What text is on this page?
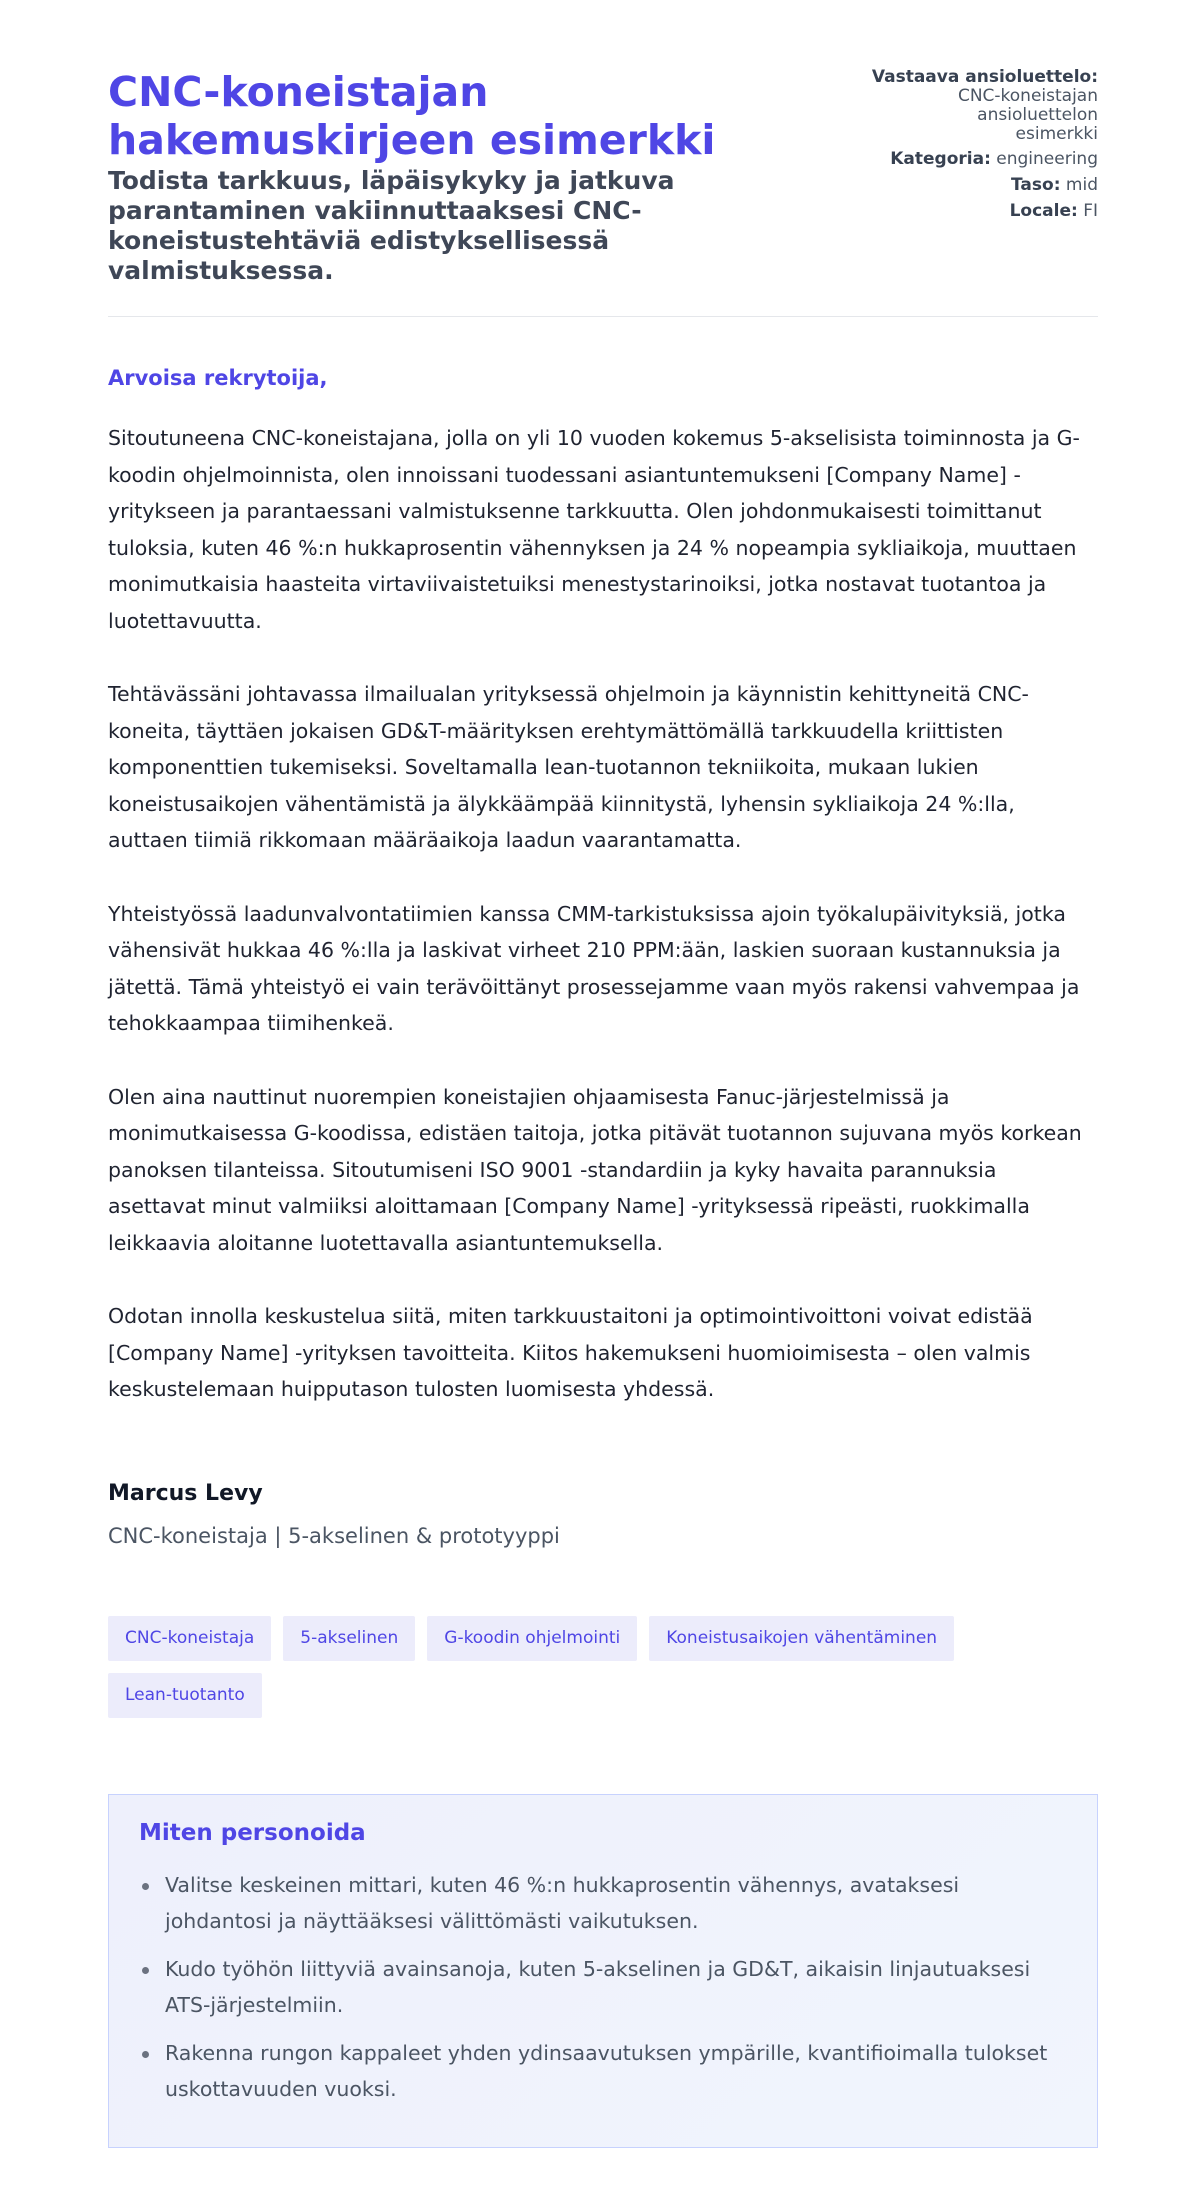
CNC-koneistajan hakemuskirjeen esimerkki
Todista tarkkuus, läpäisykyky ja jatkuva parantaminen vakiinnuttaaksesi CNC-koneistustehtäviä edistyksellisessä valmistuksessa.
Vastaava ansioluettelo:
CNC-koneistajan ansioluettelon esimerkki
Kategoria: engineering
Taso: mid
Locale: FI
Arvoisa rekrytoija,

Sitoutuneena CNC-koneistajana, jolla on yli 10 vuoden kokemus 5-akselisista toiminnosta ja G-koodin ohjelmoinnista, olen innoissani tuodessani asiantuntemukseni [Company Name] -yritykseen ja parantaessani valmistuksenne tarkkuutta. Olen johdonmukaisesti toimittanut tuloksia, kuten 46 %:n hukkaprosentin vähennyksen ja 24 % nopeampia sykliaikoja, muuttaen monimutkaisia haasteita virtaviivaistetuiksi menestystarinoiksi, jotka nostavat tuotantoa ja luotettavuutta.

Tehtävässäni johtavassa ilmailualan yrityksessä ohjelmoin ja käynnistin kehittyneitä CNC-koneita, täyttäen jokaisen GD&T-määrityksen erehtymättömällä tarkkuudella kriittisten komponenttien tukemiseksi. Soveltamalla lean-tuotannon tekniikoita, mukaan lukien koneistusaikojen vähentämistä ja älykkäämpää kiinnitystä, lyhensin sykliaikoja 24 %:lla, auttaen tiimiä rikkomaan määräaikoja laadun vaarantamatta.

Yhteistyössä laadunvalvontatiimien kanssa CMM-tarkistuksissa ajoin työkalupäivityksiä, jotka vähensivät hukkaa 46 %:lla ja laskivat virheet 210 PPM:ään, laskien suoraan kustannuksia ja jätettä. Tämä yhteistyö ei vain terävöittänyt prosessejamme vaan myös rakensi vahvempaa ja tehokkaampaa tiimihenkeä.

Olen aina nauttinut nuorempien koneistajien ohjaamisesta Fanuc-järjestelmissä ja monimutkaisessa G-koodissa, edistäen taitoja, jotka pitävät tuotannon sujuvana myös korkean panoksen tilanteissa. Sitoutumiseni ISO 9001 -standardiin ja kyky havaita parannuksia asettavat minut valmiiksi aloittamaan [Company Name] -yrityksessä ripeästi, ruokkimalla leikkaavia aloitanne luotettavalla asiantuntemuksella.

Odotan innolla keskustelua siitä, miten tarkkuustaitoni ja optimointivoittoni voivat edistää [Company Name] -yrityksen tavoitteita. Kiitos hakemukseni huomioimisesta – olen valmis keskustelemaan huipputason tulosten luomisesta yhdessä.

Marcus Levy
CNC-koneistaja | 5-akselinen & prototyyppi
CNC-koneistaja	5-akselinen	G-koodin ohjelmointi	Koneistusaikojen vähentäminen
Lean-tuotanto
Miten personoida
Valitse keskeinen mittari, kuten 46 %:n hukkaprosentin vähennys, avataksesi johdantosi ja näyttääksesi välittömästi vaikutuksen.
Kudo työhön liittyviä avainsanoja, kuten 5-akselinen ja GD&T, aikaisin linjautuaksesi ATS-järjestelmiin.
Rakenna rungon kappaleet yhden ydinsaavutuksen ympärille, kvantifioimalla tulokset uskottavuuden vuoksi.
